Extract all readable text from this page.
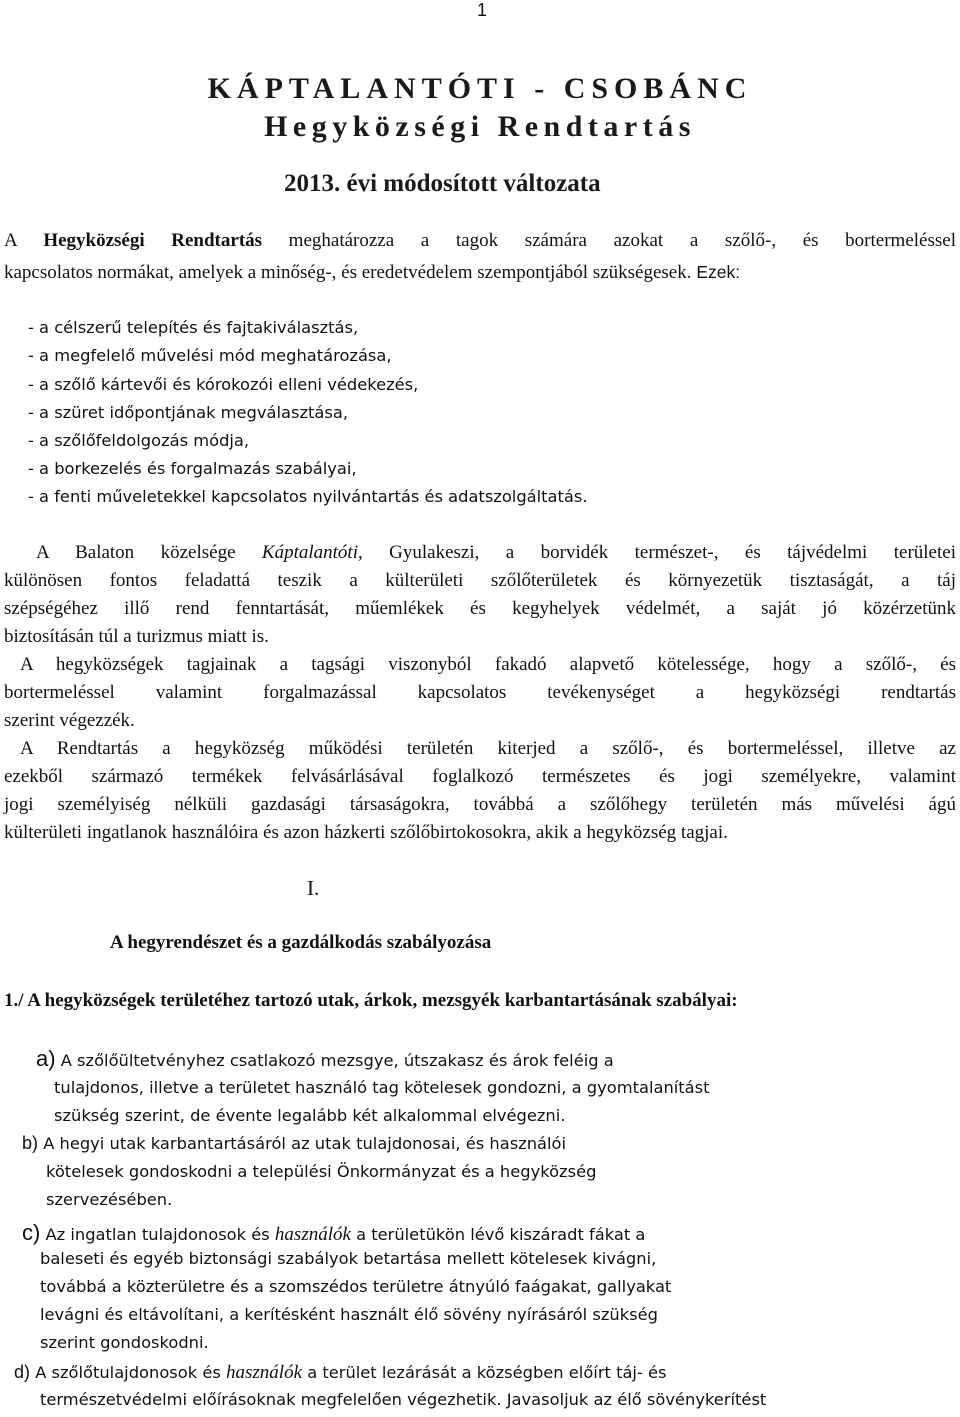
1
KÁPTALANTÓTI - CSOBÁNC
Hegyközségi Rendtartás
2013. évi módosított változata
A Hegyközségi Rendtartás meghatározza a tagok számára azokat a szőlő-, és bortermeléssel
kapcsolatos normákat, amelyek a minőség-, és eredetvédelem szempontjából szükségesek. Ezek:
- a célszerű telepítés és fajtakiválasztás,
- a megfelelő művelési mód meghatározása,
- a szőlő kártevői és kórokozói elleni védekezés,
- a szüret időpontjának megválasztása,
- a szőlőfeldolgozás módja,
- a borkezelés és forgalmazás szabályai,
- a fenti műveletekkel kapcsolatos nyilvántartás és adatszolgáltatás.
A Balaton közelsége Káptalantóti, Gyulakeszi, a borvidék természet-, és tájvédelmi területei
különösen fontos feladattá teszik a külterületi szőlőterületek és környezetük tisztaságát, a táj
szépségéhez illő rend fenntartását, műemlékek és kegyhelyek védelmét, a saját jó közérzetünk
biztosításán túl a turizmus miatt is.
A hegyközségek tagjainak a tagsági viszonyból fakadó alapvető kötelessége, hogy a szőlő-, és
bortermeléssel valamint forgalmazással kapcsolatos tevékenységet a hegyközségi rendtartás
szerint végezzék.
A Rendtartás a hegyközség működési területén kiterjed a szőlő-, és bortermeléssel, illetve az
ezekből származó termékek felvásárlásával foglalkozó természetes és jogi személyekre, valamint
jogi személyiség nélküli gazdasági társaságokra, továbbá a szőlőhegy területén más művelési ágú
külterületi ingatlanok használóira és azon házkerti szőlőbirtokosokra, akik a hegyközség tagjai.
I.
A hegyrendészet és a gazdálkodás szabályozása
1./ A hegyközségek területéhez tartozó utak, árkok, mezsgyék karbantartásának szabályai:
a) A szőlőültetvényhez csatlakozó mezsgye, útszakasz és árok feléig a
tulajdonos, illetve a területet használó tag kötelesek gondozni, a gyomtalanítást
szükség szerint, de évente legalább két alkalommal elvégezni.
b) A hegyi utak karbantartásáról az utak tulajdonosai, és használói
kötelesek gondoskodni a települési Önkormányzat és a hegyközség
szervezésében.
c) Az ingatlan tulajdonosok és használók a területükön lévő kiszáradt fákat a
baleseti és egyéb biztonsági szabályok betartása mellett kötelesek kivágni,
továbbá a közterületre és a szomszédos területre átnyúló faágakat, gallyakat
levágni és eltávolítani, a kerítésként használt élő sövény nyírásáról szükség
szerint gondoskodni.
d) A szőlőtulajdonosok és használók a terület lezárását a községben előírt táj- és
természetvédelmi előírásoknak megfelelően végezhetik. Javasoljuk az élő sövénykerítést
